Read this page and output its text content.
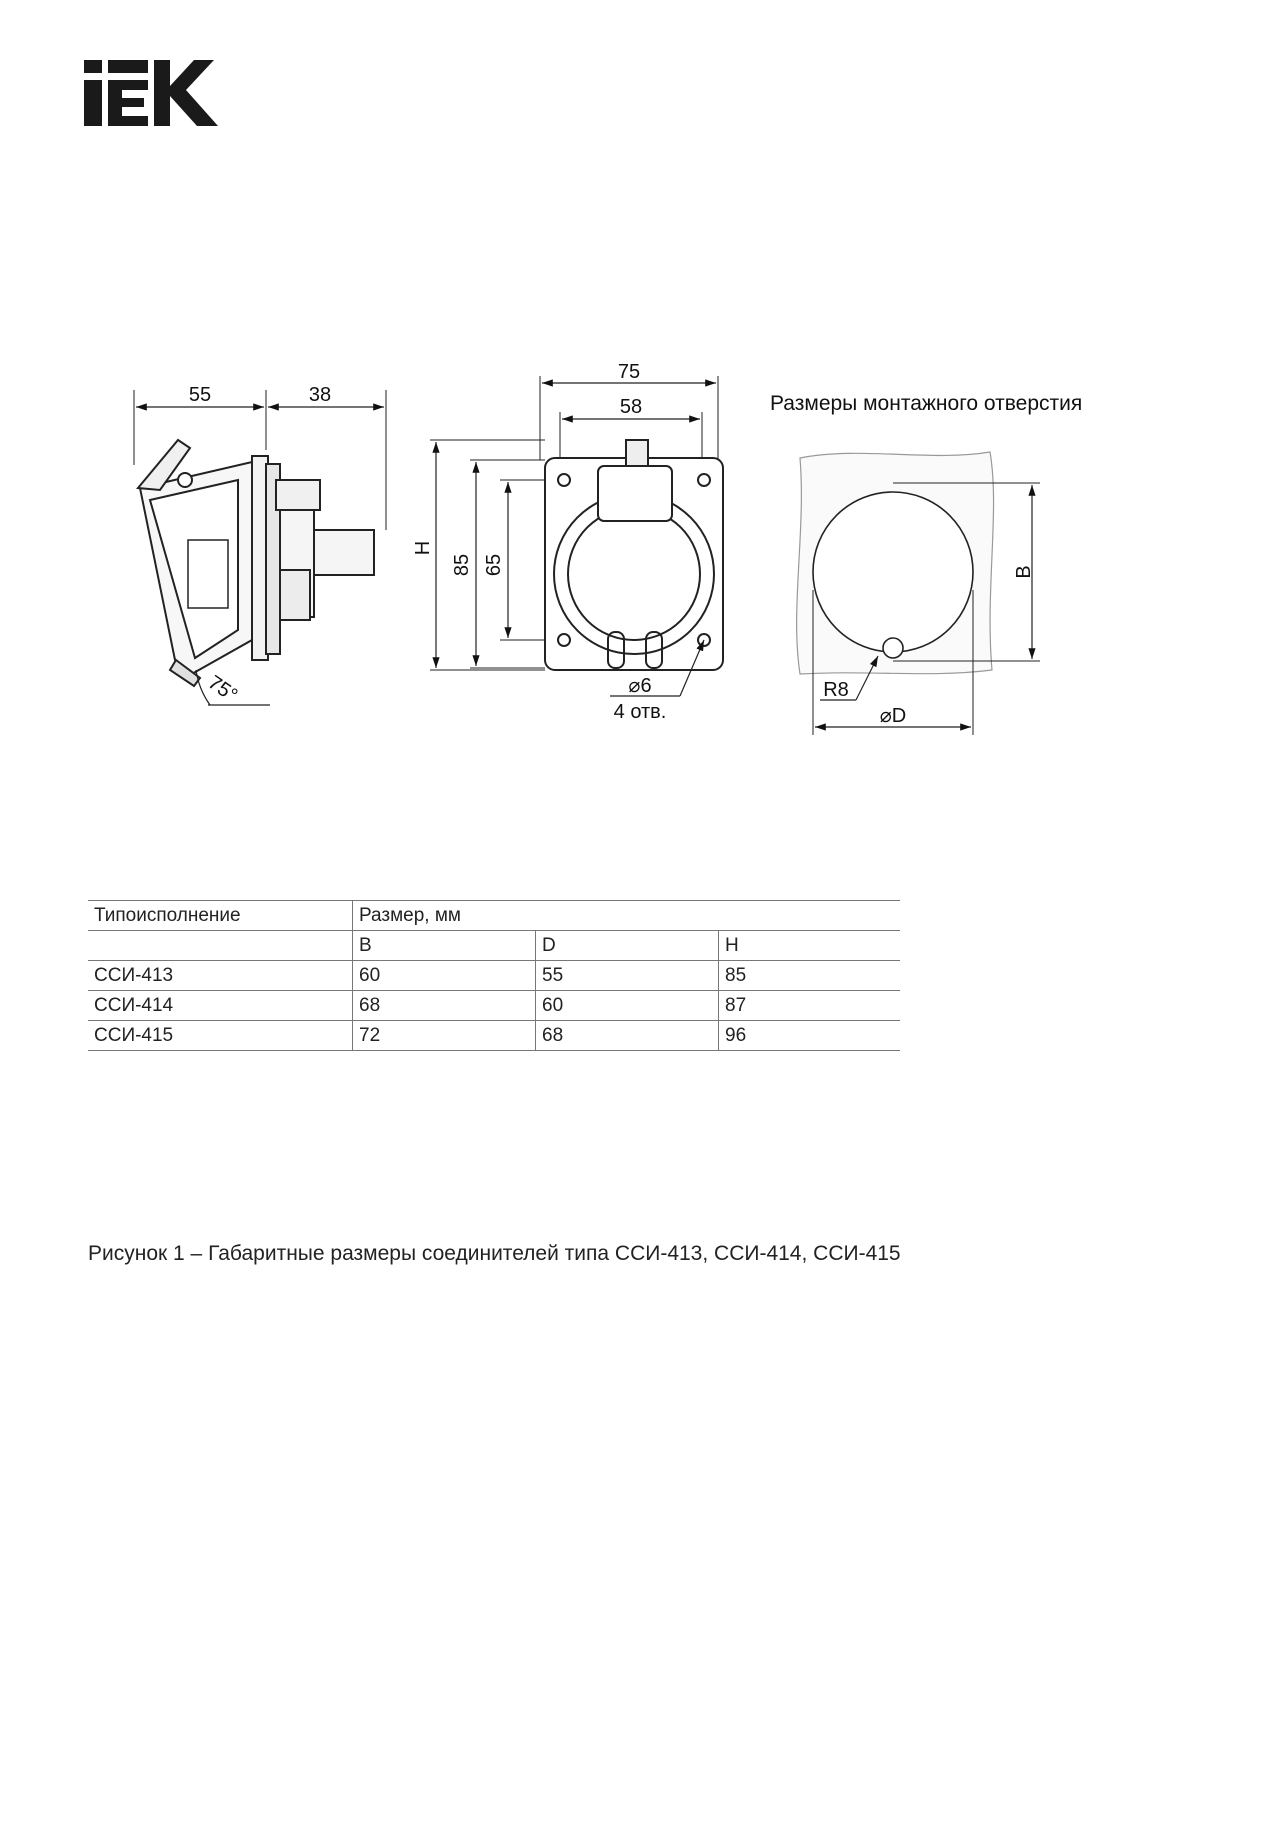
55	38
75°
75
58
H
85 65
⌀6
4 отв.
B
R8
⌀D
Размеры монтажного отверстия
Типоисполнение	Размер, мм		
	B	D	H
ССИ-413	60	55	85
ССИ-414	68	60	87
ССИ-415	72	68	96
Рисунок 1 – Габаритные размеры соединителей типа ССИ-413, ССИ-414, ССИ-415
